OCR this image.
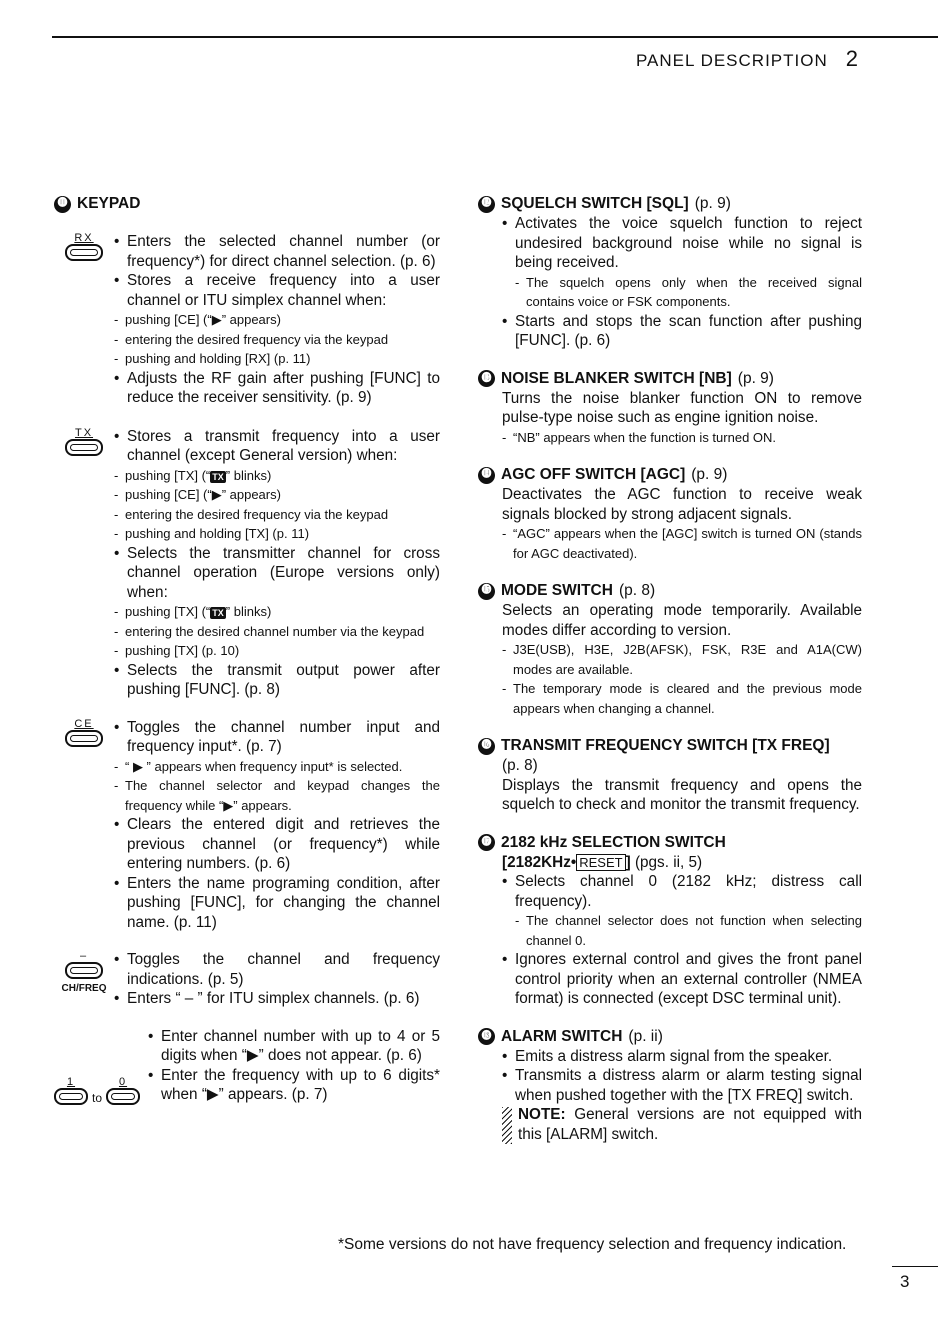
PANEL DESCRIPTION 2
⓫ KEYPAD
RX	• Enters the selected channel number (or frequency*) for direct channel selection. (p. 6)

• Stores a receive frequency into a user channel or ITU simplex channel when:

- pushing [CE] (“▶” appears)

- entering the desired frequency via the keypad

- pushing and holding [RX] (p. 11)

• Adjusts the RF gain after pushing [FUNC] to reduce the receiver sensitivity. (p. 9)

TX	• Stores a transmit frequency into a user channel (except General version) when:

- pushing [TX] (“ TX ” blinks)

- pushing [CE] (“▶” appears)

- entering the desired frequency via the keypad

- pushing and holding [TX] (p. 11)

• Selects the transmitter channel for cross channel operation (Europe versions only) when:

- pushing [TX] (“ TX ” blinks)

- entering the desired channel number via the keypad

- pushing [TX] (p. 10)

• Selects the transmit output power after pushing [FUNC]. (p. 8)

CE	• Toggles the channel number input and frequency input*. (p. 7)

- “ ▶ ” appears when frequency input* is selected.

- The channel selector and keypad changes the frequency while “▶” appears.

• Clears the entered digit and retrieves the previous channel (or frequency*) while entering numbers. (p. 6)

• Enters the name programing condition, after pushing [FUNC], for changing the channel name. (p. 11)

–
CH/FREQ

• Toggles the channel and frequency indications. (p. 5)

• Enters “ – ” for ITU simplex channels. (p. 6)

1
to
0

• Enter channel number with up to 4 or 5 digits when “▶” does not appear. (p. 6)

• Enter the frequency with up to 6 digits* when “▶” appears. (p. 7)

⓬ SQUELCH SWITCH [SQL] (p. 9)

• Activates the voice squelch function to reject undesired background noise while no signal is being received.

- The squelch opens only when the received signal contains voice or FSK components.

• Starts and stops the scan function after pushing [FUNC]. (p. 6)

⓭ NOISE BLANKER SWITCH [NB] (p. 9)

Turns the noise blanker function ON to remove pulse-type noise such as engine ignition noise.

- “NB” appears when the function is turned ON.

⓮ AGC OFF SWITCH [AGC] (p. 9)

Deactivates the AGC function to receive weak signals blocked by strong adjacent signals.

- “AGC” appears when the [AGC] switch is turned ON (stands for AGC deactivated).

⓯ MODE SWITCH (p. 8)

Selects an operating mode temporarily. Available modes differ according to version.

- J3E(USB), H3E, J2B(AFSK), FSK, R3E and A1A(CW) modes are available.

- The temporary mode is cleared and the previous mode appears when changing a channel.

⓰ TRANSMIT FREQUENCY SWITCH [TX FREQ]

(p. 8)

Displays the transmit frequency and opens the squelch to check and monitor the transmit frequency.

⓱ 2182 kHz SELECTION SWITCH

[2182KHz• RESET ] (pgs. ii, 5)

• Selects channel 0 (2182 kHz; distress call frequency).

- The channel selector does not function when selecting channel 0.

• Ignores external control and gives the front panel control priority when an external controller (NMEA format) is connected (except DSC terminal unit).

⓲ ALARM SWITCH (p. ii)

• Emits a distress alarm signal from the speaker.

• Transmits a distress alarm or alarm testing signal when pushed together with the [TX FREQ] switch.

NOTE: General versions are not equipped with this [ALARM] switch.

*Some versions do not have frequency selection and frequency indication.
3
